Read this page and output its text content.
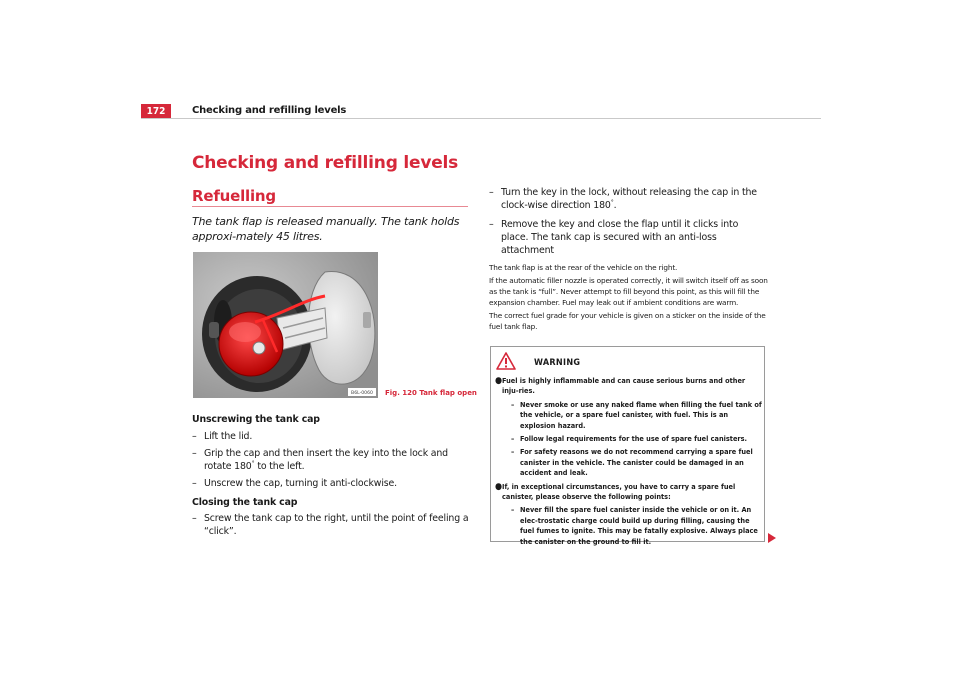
172	Checking and refilling levels
Checking and refilling levels
Refuelling

The tank flap is released manually. The tank holds approxi-mately 45 litres.

B6L-0060 Fig. 120 Tank flap open

Unscrewing the tank cap

– Lift the lid.
– Grip the cap and then insert the key into the lock and rotate 180° to the left.
– Unscrew the cap, turning it anti-clockwise.

Closing the tank cap

– Screw the tank cap to the right, until the point of feeling a “click”.
– Turn the key in the lock, without releasing the cap in the clock-wise direction 180°.
– Remove the key and close the flap until it clicks into place. The tank cap is secured with an anti-loss attachment

The tank flap is at the rear of the vehicle on the right.

If the automatic filler nozzle is operated correctly, it will switch itself off as soon as the tank is “full”. Never attempt to fill beyond this point, as this will fill the expansion chamber. Fuel may leak out if ambient conditions are warm.

The correct fuel grade for your vehicle is given on a sticker on the inside of the fuel tank flap.

WARNING
● Fuel is highly inflammable and can cause serious burns and other inju-ries.
– Never smoke or use any naked flame when filling the fuel tank of the vehicle, or a spare fuel canister, with fuel. This is an explosion hazard.
– Follow legal requirements for the use of spare fuel canisters.
– For safety reasons we do not recommend carrying a spare fuel canister in the vehicle. The canister could be damaged in an accident and leak.
● If, in exceptional circumstances, you have to carry a spare fuel canister, please observe the following points:
– Never fill the spare fuel canister inside the vehicle or on it. An elec-trostatic charge could build up during filling, causing the fuel fumes to ignite. This may be fatally explosive. Always place the canister on the ground to fill it.
